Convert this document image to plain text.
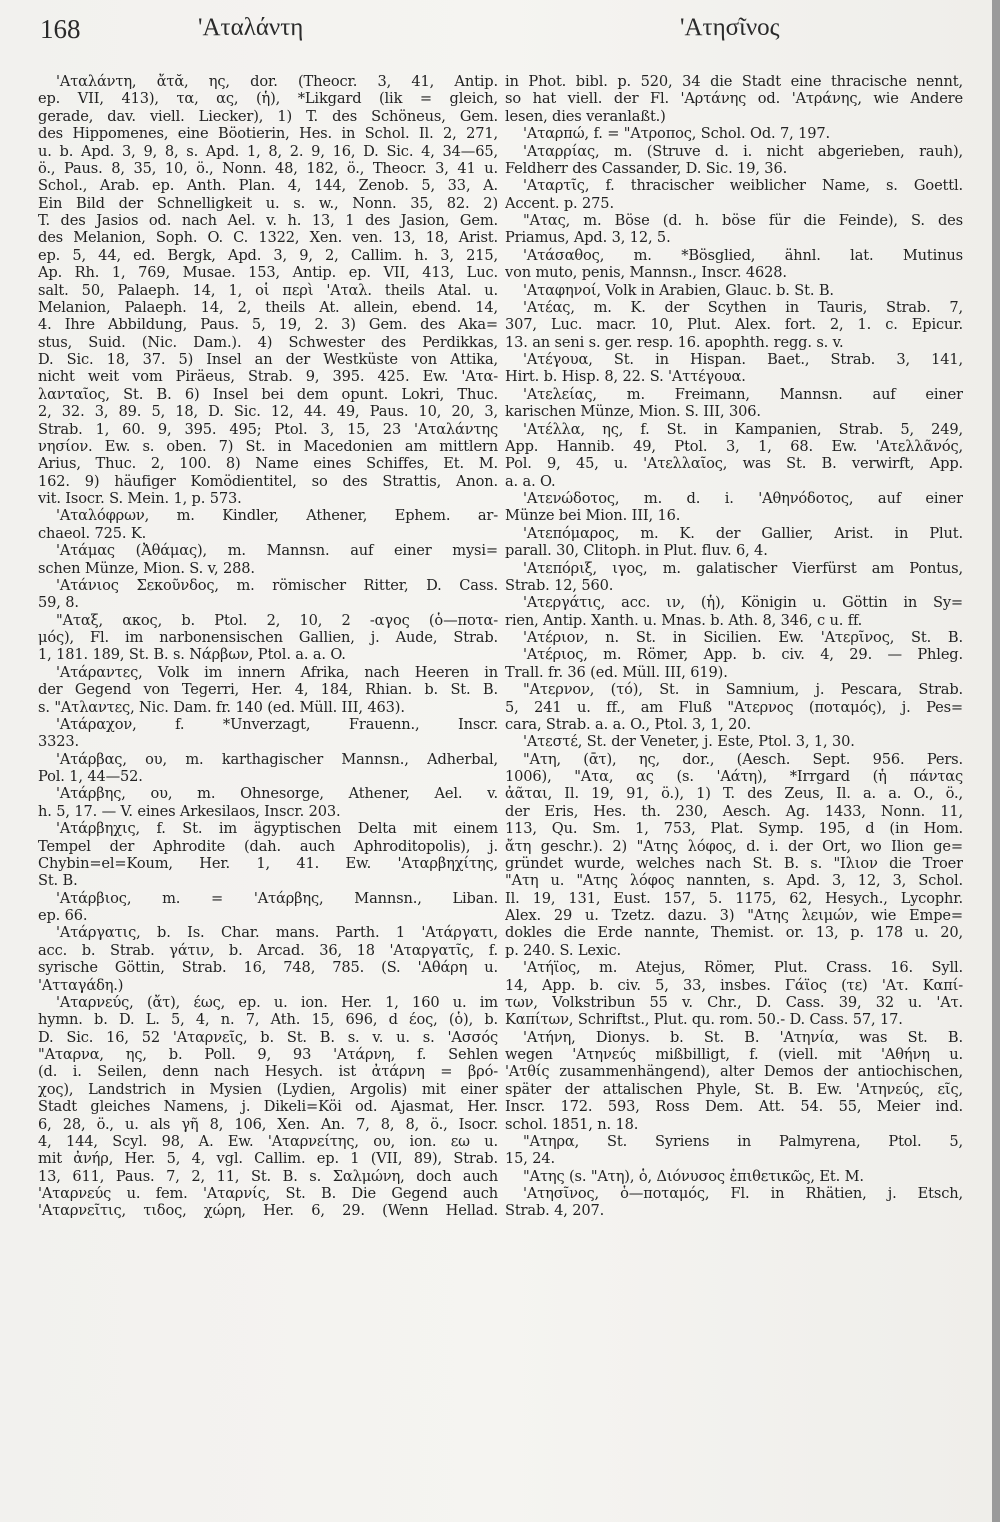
168	'Αταλάντη	'Ατησῖνος
'Αταλάντη, ἄτᾰ, ης, dor. (Theocr. 3, 41, Antip.
ep. VII, 413), τα, ας, (ἡ), *Likgard (lik = gleich,
gerade, dav. viell. Liecker), 1) T. des Schöneus, Gem.
des Hippomenes, eine Böotierin, Hes. in Schol. Il. 2, 271,
u. b. Apd. 3, 9, 8, s. Apd. 1, 8, 2. 9, 16, D. Sic. 4, 34—65,
ö., Paus. 8, 35, 10, ö., Nonn. 48, 182, ö., Theocr. 3, 41 u.
Schol., Arab. ep. Anth. Plan. 4, 144, Zenob. 5, 33, A.
Ein Bild der Schnelligkeit u. s. w., Nonn. 35, 82. 2)
T. des Jasios od. nach Ael. v. h. 13, 1 des Jasion, Gem.
des Melanion, Soph. O. C. 1322, Xen. ven. 13, 18, Arist.
ep. 5, 44, ed. Bergk, Apd. 3, 9, 2, Callim. h. 3, 215,
Ap. Rh. 1, 769, Musae. 153, Antip. ep. VII, 413, Luc.
salt. 50, Palaeph. 14, 1, οἱ περὶ 'Αταλ. theils Atal. u.
Melanion, Palaeph. 14, 2, theils At. allein, ebend. 14,
4. Ihre Abbildung, Paus. 5, 19, 2. 3) Gem. des Aka=
stus, Suid. (Nic. Dam.). 4) Schwester des Perdikkas,
D. Sic. 18, 37. 5) Insel an der Westküste von Attika,
nicht weit vom Piräeus, Strab. 9, 395. 425. Ew. 'Ατα-
λανταῖος, St. B. 6) Insel bei dem opunt. Lokri, Thuc.
2, 32. 3, 89. 5, 18, D. Sic. 12, 44. 49, Paus. 10, 20, 3,
Strab. 1, 60. 9, 395. 495; Ptol. 3, 15, 23 'Αταλάντης
νησίον. Ew. s. oben. 7) St. in Macedonien am mittlern
Arius, Thuc. 2, 100. 8) Name eines Schiffes, Et. M.
162. 9) häufiger Komödientitel, so des Strattis, Anon.
vit. Isocr. S. Mein. 1, p. 573.
'Αταλόφρων, m. Kindler, Athener, Ephem. ar-
chaeol. 725. K.
'Ατάμας (Ἀθάμας), m. Mannsn. auf einer mysi=
schen Münze, Mion. S. v, 288.
'Ατάνιος Σεκοῦνδος, m. römischer Ritter, D. Cass.
59, 8.
"Αταξ, ακος, b. Ptol. 2, 10, 2 -αγος (ὁ—ποτα-
μός), Fl. im narbonensischen Gallien, j. Aude, Strab.
1, 181. 189, St. B. s. Νάρβων, Ptol. a. a. O.
'Ατάραντες, Volk im innern Afrika, nach Heeren in
der Gegend von Tegerri, Her. 4, 184, Rhian. b. St. B.
s. "Ατλαντες, Nic. Dam. fr. 140 (ed. Müll. III, 463).
'Ατάραχον, f. *Unverzagt, Frauenn., Inscr.
3323.
'Ατάρβας, ου, m. karthagischer Mannsn., Adherbal,
Pol. 1, 44—52.
'Ατάρβης, ου, m. Ohnesorge, Athener, Ael. v.
h. 5, 17. — V. eines Arkesilaos, Inscr. 203.
'Ατάρβηχις, f. St. im ägyptischen Delta mit einem
Tempel der Aphrodite (dah. auch Aphroditopolis), j.
Chybin=el=Koum, Her. 1, 41. Ew. 'Αταρβηχίτης,
St. B.
'Ατάρβιος, m. = 'Ατάρβης, Mannsn., Liban.
ep. 66.
'Ατάργατις, b. Is. Char. mans. Parth. 1 'Ατάργατι,
acc. b. Strab. γάτιν, b. Arcad. 36, 18 'Αταργατῖς, f.
syrische Göttin, Strab. 16, 748, 785. (S. 'Αθάρη u.
'Ατταγάδη.)
'Αταρνεύς, (ἄτ), έως, ep. u. ion. Her. 1, 160 u. im
hymn. b. D. L. 5, 4, n. 7, Ath. 15, 696, d έος, (ὁ), b.
D. Sic. 16, 52 'Αταρνεῖς, b. St. B. s. v. u. s. 'Ασσός
"Αταρνα, ης, b. Poll. 9, 93 'Ατάρνη, f. Sehlen
(d. i. Seilen, denn nach Hesych. ist ἀτάρνη = βρό-
χος), Landstrich in Mysien (Lydien, Argolis) mit einer
Stadt gleiches Namens, j. Dikeli=Köi od. Ajasmat, Her.
6, 28, ö., u. als γῆ 8, 106, Xen. An. 7, 8, 8, ö., Isocr.
4, 144, Scyl. 98, A. Ew. 'Αταρνείτης, ου, ion. εω u.
mit ἀνήρ, Her. 5, 4, vgl. Callim. ep. 1 (VII, 89), Strab.
13, 611, Paus. 7, 2, 11, St. B. s. Σαλμώνη, doch auch
'Αταρνεύς u. fem. 'Αταρνίς, St. B. Die Gegend auch
'Αταρνεῖτις, τιδος, χώρη, Her. 6, 29. (Wenn Hellad.
in Phot. bibl. p. 520, 34 die Stadt eine thracische nennt,
so hat viell. der Fl. 'Αρτάνης od. 'Ατράνης, wie Andere
lesen, dies veranlaßt.)
'Αταρπώ, f. = "Ατροπος, Schol. Od. 7, 197.
'Αταρρίας, m. (Struve d. i. nicht abgerieben, rauh),
Feldherr des Cassander, D. Sic. 19, 36.
'Αταρτῖς, f. thracischer weiblicher Name, s. Goettl.
Accent. p. 275.
"Ατας, m. Böse (d. h. böse für die Feinde), S. des
Priamus, Apd. 3, 12, 5.
'Ατάσαθος, m. *Bösglied, ähnl. lat. Mutinus
von muto, penis, Mannsn., Inscr. 4628.
'Αταφηνοί, Volk in Arabien, Glauc. b. St. B.
'Ατέας, m. K. der Scythen in Tauris, Strab. 7,
307, Luc. macr. 10, Plut. Alex. fort. 2, 1. c. Epicur.
13. an seni s. ger. resp. 16. apophth. regg. s. v.
'Ατέγουα, St. in Hispan. Baet., Strab. 3, 141,
Hirt. b. Hisp. 8, 22. S. 'Αττέγουα.
'Ατελείας, m. Freimann, Mannsn. auf einer
karischen Münze, Mion. S. III, 306.
'Ατέλλα, ης, f. St. in Kampanien, Strab. 5, 249,
App. Hannib. 49, Ptol. 3, 1, 68. Ew. 'Ατελλᾶνός,
Pol. 9, 45, u. 'Ατελλαῖος, was St. B. verwirft, App.
a. a. O.
'Ατενώδοτος, m. d. i. 'Αθηνόδοτος, auf einer
Münze bei Mion. III, 16.
'Ατεπόμαρος, m. K. der Gallier, Arist. in Plut.
parall. 30, Clitoph. in Plut. fluv. 6, 4.
'Ατεπόριξ, ιγος, m. galatischer Vierfürst am Pontus,
Strab. 12, 560.
'Ατεργάτις, acc. ιν, (ἡ), Königin u. Göttin in Sy=
rien, Antip. Xanth. u. Mnas. b. Ath. 8, 346, c u. ff.
'Ατέριον, n. St. in Sicilien. Ew. 'Ατερῖνος, St. B.
'Ατέριος, m. Römer, App. b. civ. 4, 29. — Phleg.
Trall. fr. 36 (ed. Müll. III, 619).
"Ατερνον, (τό), St. in Samnium, j. Pescara, Strab.
5, 241 u. ff., am Fluß "Ατερνος (ποταμός), j. Pes=
cara, Strab. a. a. O., Ptol. 3, 1, 20.
'Ατεστέ, St. der Veneter, j. Este, Ptol. 3, 1, 30.
"Ατη, (ᾱτ), ης, dor., (Aesch. Sept. 956. Pers.
1006), "Ατα, ας (s. 'Αάτη), *Irrgard (ἡ πάντας
ἀᾶται, Il. 19, 91, ö.), 1) T. des Zeus, Il. a. a. O., ö.,
der Eris, Hes. th. 230, Aesch. Ag. 1433, Nonn. 11,
113, Qu. Sm. 1, 753, Plat. Symp. 195, d (in Hom.
ἄτη geschr.). 2) "Ατης λόφος, d. i. der Ort, wo Ilion ge=
gründet wurde, welches nach St. B. s. "Ιλιον die Troer
"Ατη u. "Ατης λόφος nannten, s. Apd. 3, 12, 3, Schol.
Il. 19, 131, Eust. 157, 5. 1175, 62, Hesych., Lycophr.
Alex. 29 u. Tzetz. dazu. 3) "Ατης λειμών, wie Empe=
dokles die Erde nannte, Themist. or. 13, p. 178 u. 20,
p. 240. S. Lexic.
'Ατήϊος, m. Atejus, Römer, Plut. Crass. 16. Syll.
14, App. b. civ. 5, 33, insbes. Γάϊος (τε) 'Ατ. Καπί-
των, Volkstribun 55 v. Chr., D. Cass. 39, 32 u. 'Ατ.
Καπίτων, Schriftst., Plut. qu. rom. 50.- D. Cass. 57, 17.
'Ατήνη, Dionys. b. St. B. 'Ατηνία, was St. B.
wegen 'Ατηνεύς mißbilligt, f. (viell. mit 'Αθήνη u.
'Ατθίς zusammenhängend), alter Demos der antiochischen,
später der attalischen Phyle, St. B. Ew. 'Ατηνεύς, εῖς,
Inscr. 172. 593, Ross Dem. Att. 54. 55, Meier ind.
schol. 1851, n. 18.
"Ατηρα, St. Syriens in Palmyrena, Ptol. 5,
15, 24.
"Ατης (s. "Ατη), ὁ, Διόνυσος ἐπιθετικῶς, Et. M.
'Ατησῖνος, ὁ—ποταμός, Fl. in Rhätien, j. Etsch,
Strab. 4, 207.
